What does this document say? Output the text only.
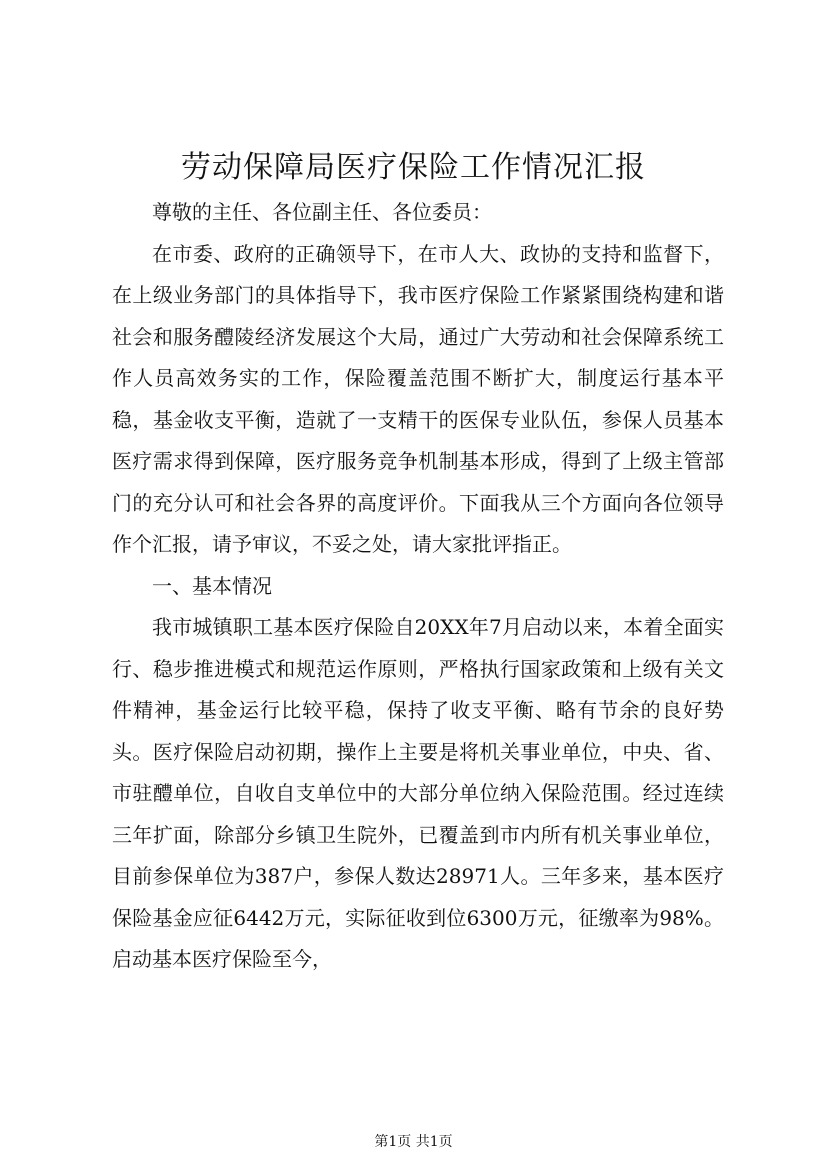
劳动保障局医疗保险工作情况汇报

尊敬的主任、各位副主任、各位委员：

在市委、政府的正确领导下，在市人大、政协的支持和监督下，在上级业务部门的具体指导下，我市医疗保险工作紧紧围绕构建和谐社会和服务醴陵经济发展这个大局，通过广大劳动和社会保障系统工作人员高效务实的工作，保险覆盖范围不断扩大，制度运行基本平稳，基金收支平衡，造就了一支精干的医保专业队伍，参保人员基本医疗需求得到保障，医疗服务竞争机制基本形成，得到了上级主管部门的充分认可和社会各界的高度评价。下面我从三个方面向各位领导作个汇报，请予审议，不妥之处，请大家批评指正。

一、基本情况

我市城镇职工基本医疗保险自20XX年7月启动以来，本着全面实行、稳步推进模式和规范运作原则，严格执行国家政策和上级有关文件精神，基金运行比较平稳，保持了收支平衡、略有节余的良好势头。医疗保险启动初期，操作上主要是将机关事业单位，中央、省、市驻醴单位，自收自支单位中的大部分单位纳入保险范围。经过连续三年扩面，除部分乡镇卫生院外，已覆盖到市内所有机关事业单位，目前参保单位为387户，参保人数达28971人。三年多来，基本医疗保险基金应征6442万元，实际征收到位6300万元，征缴率为98%。启动基本医疗保险至今，

第1页 共1页
